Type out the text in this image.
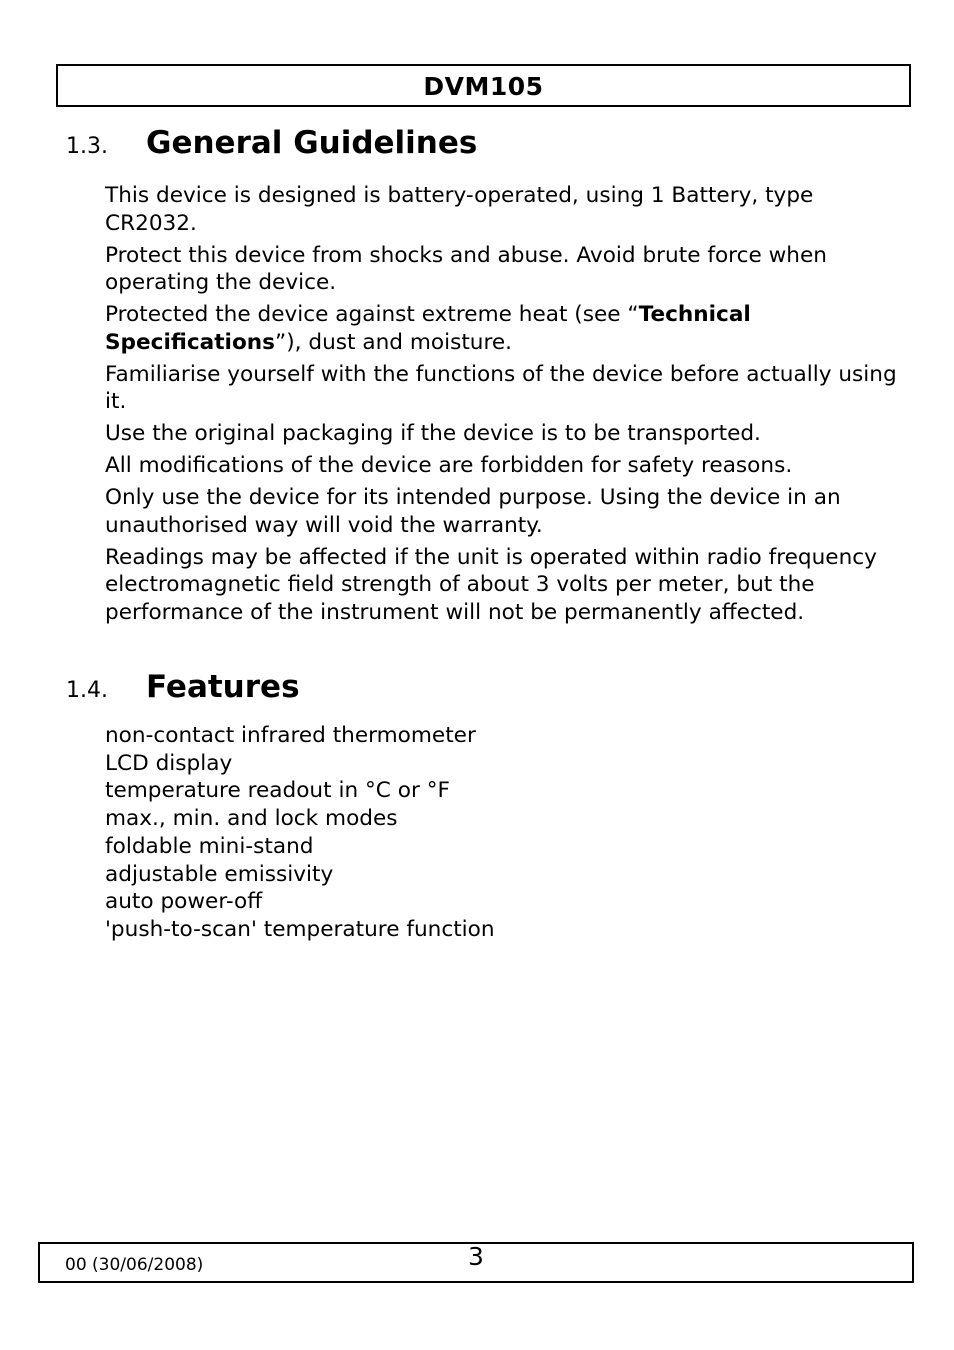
DVM105
1.3. General Guidelines

This device is designed is battery-operated, using 1 Battery, type CR2032.

Protect this device from shocks and abuse. Avoid brute force when operating the device.

Protected the device against extreme heat (see “Technical Specifications”), dust and moisture.

Familiarise yourself with the functions of the device before actually using it.

Use the original packaging if the device is to be transported.

All modifications of the device are forbidden for safety reasons.

Only use the device for its intended purpose. Using the device in an unauthorised way will void the warranty.

Readings may be affected if the unit is operated within radio frequency electromagnetic field strength of about 3 volts per meter, but the performance of the instrument will not be permanently affected.

1.4. Features
non-contact infrared thermometer
LCD display
temperature readout in °C or °F
max., min. and lock modes
foldable mini-stand
adjustable emissivity
auto power-off
'push-to-scan' temperature function
00 (30/06/2008)	3
